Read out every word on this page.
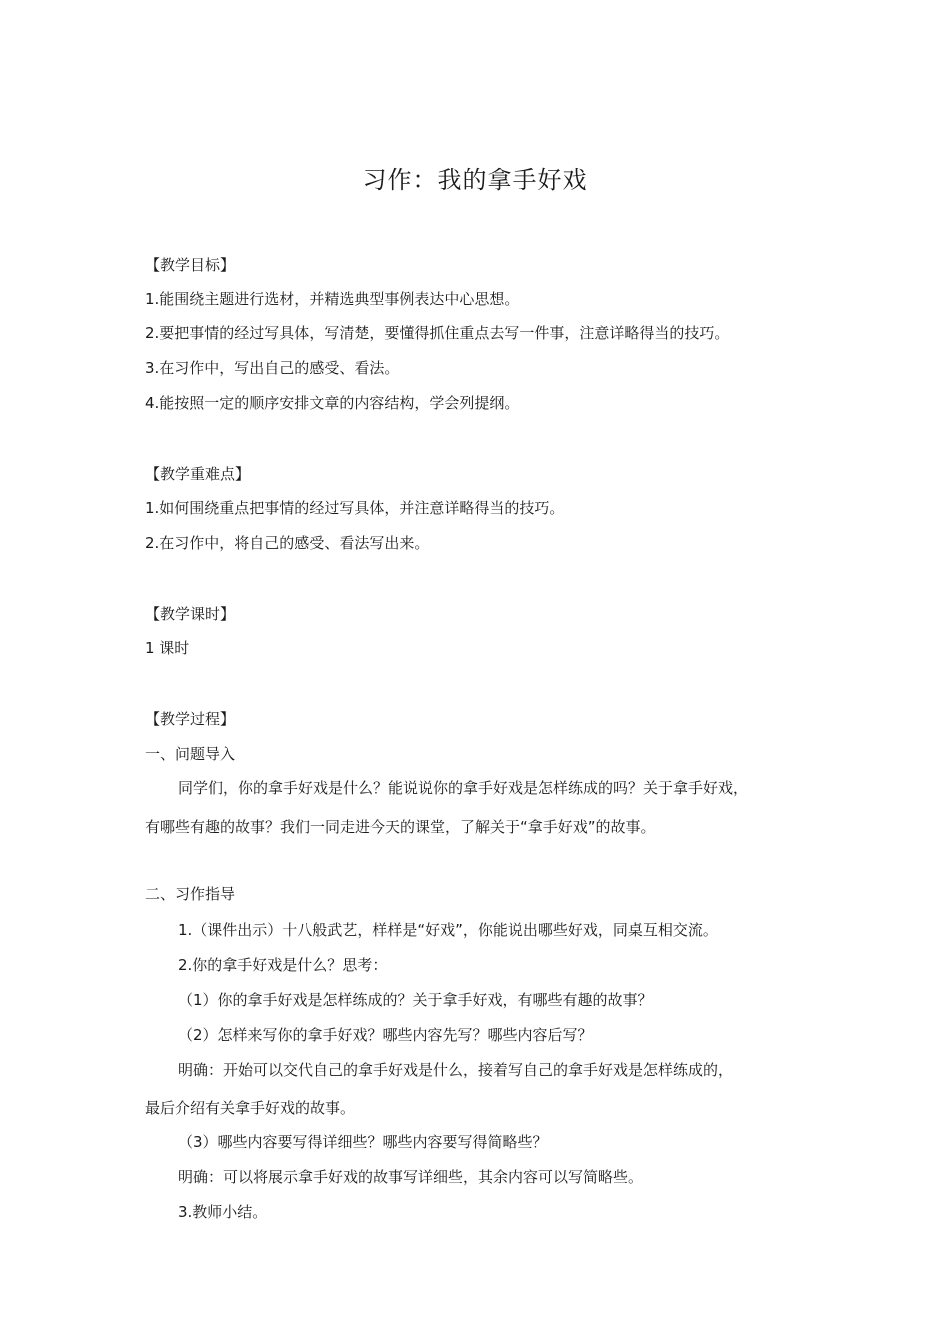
习作：我的拿手好戏
【教学目标】
1.能围绕主题进行选材，并精选典型事例表达中心思想。
2.要把事情的经过写具体，写清楚，要懂得抓住重点去写一件事，注意详略得当的技巧。
3.在习作中，写出自己的感受、看法。
4.能按照一定的顺序安排文章的内容结构，学会列提纲。
【教学重难点】
1.如何围绕重点把事情的经过写具体，并注意详略得当的技巧。
2.在习作中，将自己的感受、看法写出来。
【教学课时】
1 课时
【教学过程】
一、问题导入
同学们，你的拿手好戏是什么？能说说你的拿手好戏是怎样练成的吗？关于拿手好戏，
有哪些有趣的故事？我们一同走进今天的课堂，了解关于“拿手好戏”的故事。
二、习作指导
1.（课件出示）十八般武艺，样样是“好戏”，你能说出哪些好戏，同桌互相交流。
2.你的拿手好戏是什么？思考：
（1）你的拿手好戏是怎样练成的？关于拿手好戏，有哪些有趣的故事？
（2）怎样来写你的拿手好戏？哪些内容先写？哪些内容后写？
明确：开始可以交代自己的拿手好戏是什么，接着写自己的拿手好戏是怎样练成的，
最后介绍有关拿手好戏的故事。
（3）哪些内容要写得详细些？哪些内容要写得简略些？
明确：可以将展示拿手好戏的故事写详细些，其余内容可以写简略些。
3.教师小结。
